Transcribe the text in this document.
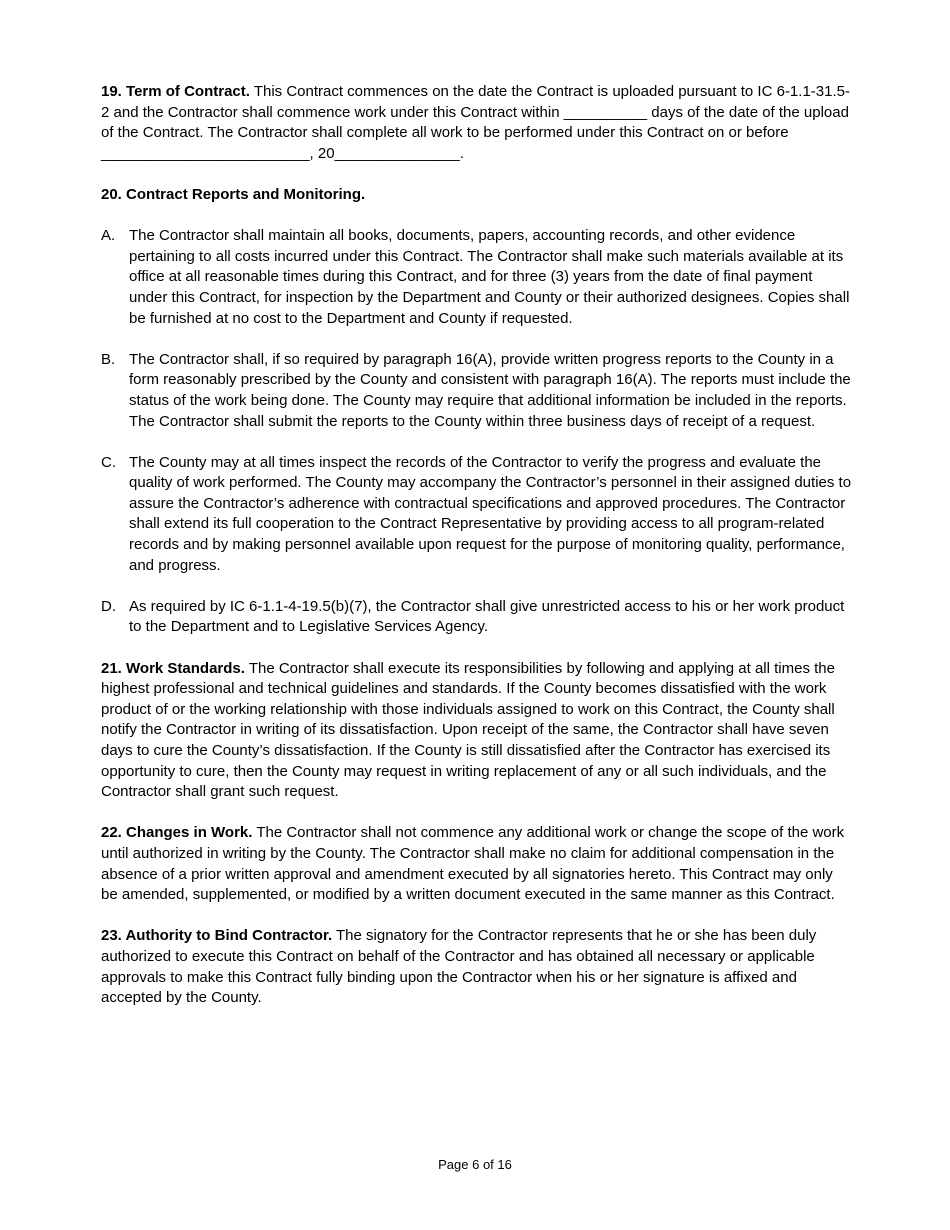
19. Term of Contract. This Contract commences on the date the Contract is uploaded pursuant to IC 6-1.1-31.5-2 and the Contractor shall commence work under this Contract within __________ days of the date of the upload of the Contract. The Contractor shall complete all work to be performed under this Contract on or before _________________________, 20_______________.

20. Contract Reports and Monitoring.

A. The Contractor shall maintain all books, documents, papers, accounting records, and other evidence pertaining to all costs incurred under this Contract. The Contractor shall make such materials available at its office at all reasonable times during this Contract, and for three (3) years from the date of final payment under this Contract, for inspection by the Department and County or their authorized designees. Copies shall be furnished at no cost to the Department and County if requested.
B. The Contractor shall, if so required by paragraph 16(A), provide written progress reports to the County in a form reasonably prescribed by the County and consistent with paragraph 16(A). The reports must include the status of the work being done. The County may require that additional information be included in the reports. The Contractor shall submit the reports to the County within three business days of receipt of a request.
C. The County may at all times inspect the records of the Contractor to verify the progress and evaluate the quality of work performed. The County may accompany the Contractor’s personnel in their assigned duties to assure the Contractor’s adherence with contractual specifications and approved procedures. The Contractor shall extend its full cooperation to the Contract Representative by providing access to all program-related records and by making personnel available upon request for the purpose of monitoring quality, performance, and progress.
D. As required by IC 6-1.1-4-19.5(b)(7), the Contractor shall give unrestricted access to his or her work product to the Department and to Legislative Services Agency.

21. Work Standards. The Contractor shall execute its responsibilities by following and applying at all times the highest professional and technical guidelines and standards. If the County becomes dissatisfied with the work product of or the working relationship with those individuals assigned to work on this Contract, the County shall notify the Contractor in writing of its dissatisfaction. Upon receipt of the same, the Contractor shall have seven days to cure the County’s dissatisfaction. If the County is still dissatisfied after the Contractor has exercised its opportunity to cure, then the County may request in writing replacement of any or all such individuals, and the Contractor shall grant such request.

22. Changes in Work. The Contractor shall not commence any additional work or change the scope of the work until authorized in writing by the County. The Contractor shall make no claim for additional compensation in the absence of a prior written approval and amendment executed by all signatories hereto. This Contract may only be amended, supplemented, or modified by a written document executed in the same manner as this Contract.

23. Authority to Bind Contractor. The signatory for the Contractor represents that he or she has been duly authorized to execute this Contract on behalf of the Contractor and has obtained all necessary or applicable approvals to make this Contract fully binding upon the Contractor when his or her signature is affixed and accepted by the County.

Page 6 of 16
